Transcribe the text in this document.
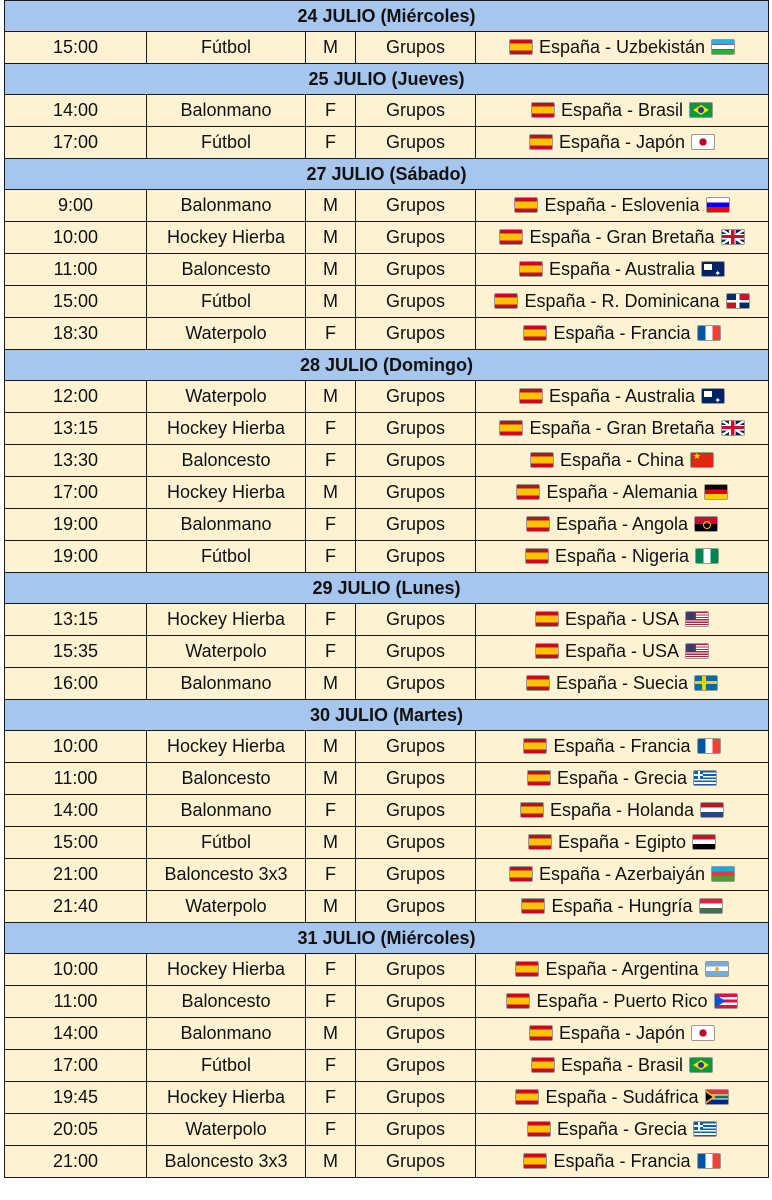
24 JULIO (Miércoles)				
15:00	Fútbol	M	Grupos	España - Uzbekistán
25 JULIO (Jueves)				
14:00	Balonmano	F	Grupos	España - Brasil
17:00	Fútbol	F	Grupos	España - Japón
27 JULIO (Sábado)				
9:00	Balonmano	M	Grupos	España - Eslovenia
10:00	Hockey Hierba	M	Grupos	España - Gran Bretaña
11:00	Baloncesto	M	Grupos	España - Australia✦
15:00	Fútbol	M	Grupos	España - R. Dominicana
18:30	Waterpolo	F	Grupos	España - Francia
28 JULIO (Domingo)				
12:00	Waterpolo	M	Grupos	España - Australia✦
13:15	Hockey Hierba	F	Grupos	España - Gran Bretaña
13:30	Baloncesto	F	Grupos	España - China★
17:00	Hockey Hierba	M	Grupos	España - Alemania
19:00	Balonmano	F	Grupos	España - Angola
19:00	Fútbol	F	Grupos	España - Nigeria
29 JULIO (Lunes)				
13:15	Hockey Hierba	F	Grupos	España - USA
15:35	Waterpolo	F	Grupos	España - USA
16:00	Balonmano	M	Grupos	España - Suecia
30 JULIO (Martes)				
10:00	Hockey Hierba	M	Grupos	España - Francia
11:00	Baloncesto	M	Grupos	España - Grecia
14:00	Balonmano	F	Grupos	España - Holanda
15:00	Fútbol	M	Grupos	España - Egipto
21:00	Baloncesto 3x3	F	Grupos	España - Azerbaiyán
21:40	Waterpolo	M	Grupos	España - Hungría
31 JULIO (Miércoles)				
10:00	Hockey Hierba	F	Grupos	España - Argentina
11:00	Baloncesto	F	Grupos	España - Puerto Rico
14:00	Balonmano	M	Grupos	España - Japón
17:00	Fútbol	F	Grupos	España - Brasil
19:45	Hockey Hierba	F	Grupos	España - Sudáfrica
20:05	Waterpolo	F	Grupos	España - Grecia
21:00	Baloncesto 3x3	M	Grupos	España - Francia
